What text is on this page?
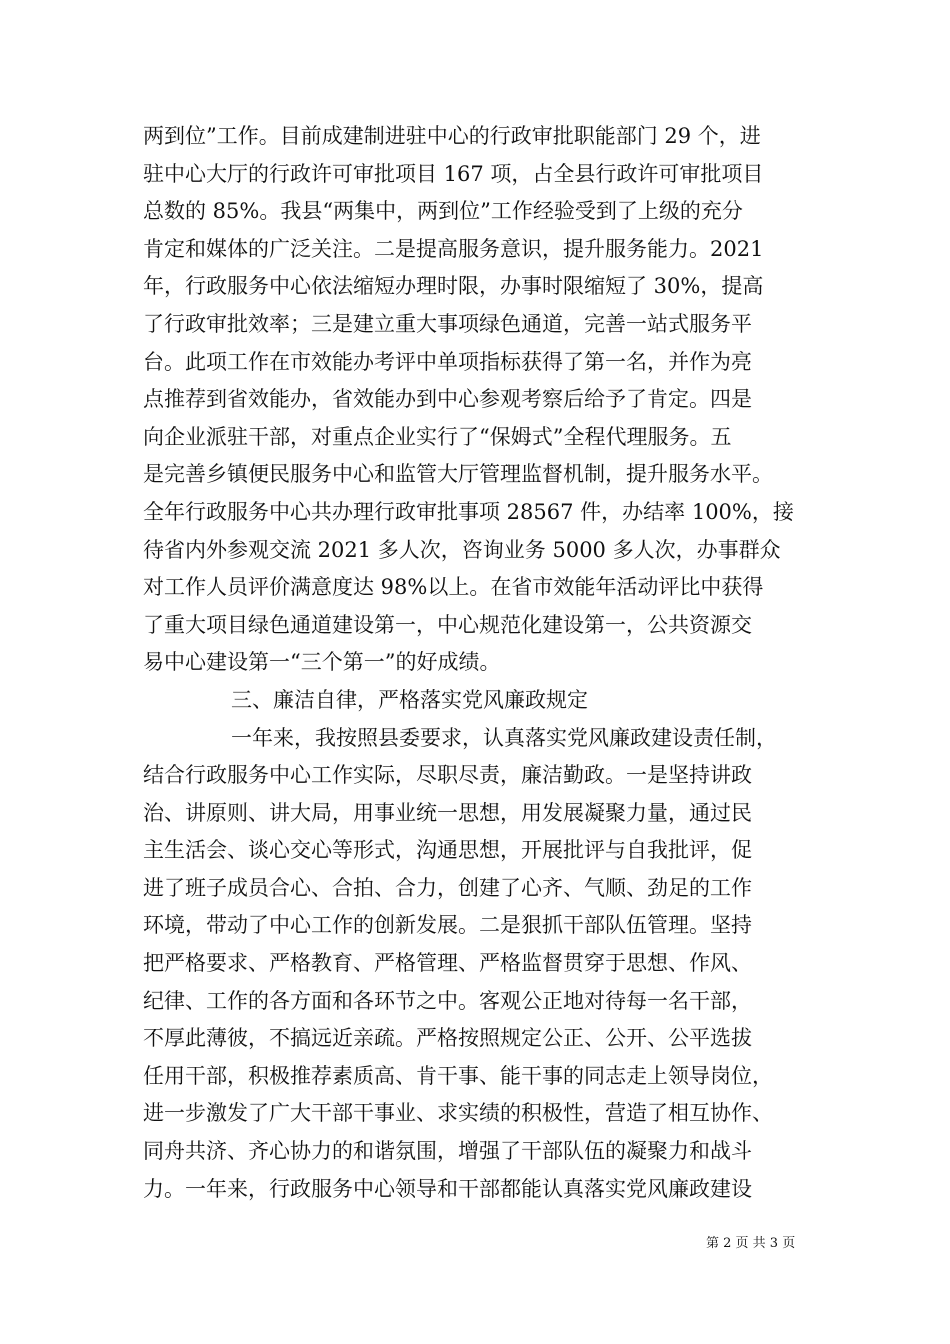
两到位”工作。目前成建制进驻中心的行政审批职能部门 29 个，进
驻中心大厅的行政许可审批项目 167 项，占全县行政许可审批项目
总数的 85%。我县“两集中，两到位”工作经验受到了上级的充分
肯定和媒体的广泛关注。二是提高服务意识，提升服务能力。2021
年，行政服务中心依法缩短办理时限，办事时限缩短了 30%，提高
了行政审批效率；三是建立重大事项绿色通道，完善一站式服务平
台。此项工作在市效能办考评中单项指标获得了第一名，并作为亮
点推荐到省效能办，省效能办到中心参观考察后给予了肯定。四是
向企业派驻干部，对重点企业实行了“保姆式”全程代理服务。五
是完善乡镇便民服务中心和监管大厅管理监督机制，提升服务水平。
全年行政服务中心共办理行政审批事项 28567 件，办结率 100%，接
待省内外参观交流 2021 多人次，咨询业务 5000 多人次，办事群众
对工作人员评价满意度达 98%以上。在省市效能年活动评比中获得
了重大项目绿色通道建设第一，中心规范化建设第一，公共资源交
易中心建设第一“三个第一”的好成绩。
三、廉洁自律，严格落实党风廉政规定
一年来，我按照县委要求，认真落实党风廉政建设责任制，
结合行政服务中心工作实际，尽职尽责，廉洁勤政。一是坚持讲政
治、讲原则、讲大局，用事业统一思想，用发展凝聚力量，通过民
主生活会、谈心交心等形式，沟通思想，开展批评与自我批评，促
进了班子成员合心、合拍、合力，创建了心齐、气顺、劲足的工作
环境，带动了中心工作的创新发展。二是狠抓干部队伍管理。坚持
把严格要求、严格教育、严格管理、严格监督贯穿于思想、作风、
纪律、工作的各方面和各环节之中。客观公正地对待每一名干部，
不厚此薄彼，不搞远近亲疏。严格按照规定公正、公开、公平选拔
任用干部，积极推荐素质高、肯干事、能干事的同志走上领导岗位，
进一步激发了广大干部干事业、求实绩的积极性，营造了相互协作、
同舟共济、齐心协力的和谐氛围，增强了干部队伍的凝聚力和战斗
力。一年来，行政服务中心领导和干部都能认真落实党风廉政建设
第 2 页 共 3 页
